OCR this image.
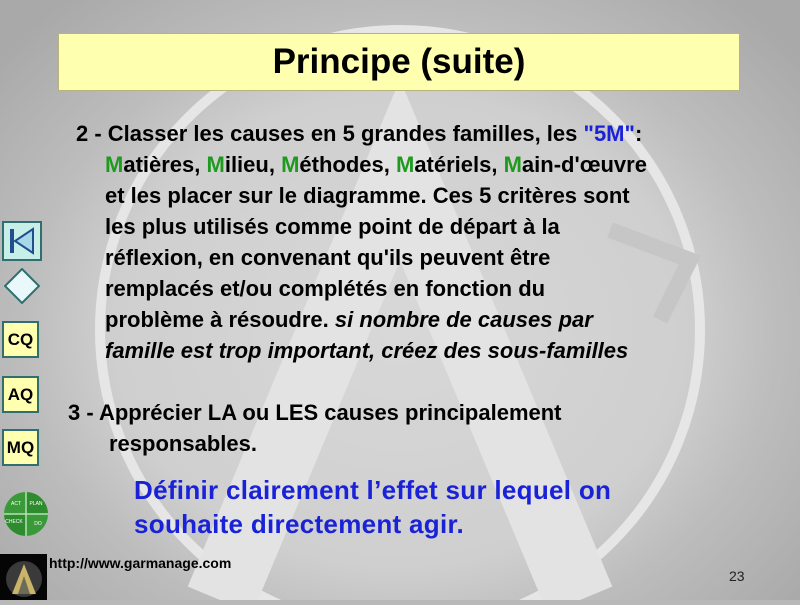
Principe (suite)
2 - Classer les causes en 5 grandes familles, les "5M":
Matières, Milieu, Méthodes, Matériels, Main-d'œuvre
et les placer sur le diagramme. Ces 5 critères sont
les plus utilisés comme point de départ à la
réflexion, en convenant qu'ils peuvent être
remplacés et/ou complétés en fonction du
problème à résoudre. si nombre de causes par
famille est trop important, créez des sous-familles
3 - Apprécier LA ou LES causes principalement
responsables.
Définir clairement l’effet sur lequel on
souhaite directement agir.
CQ
AQ
MQ
PLAN
DO
CHECK
ACT
http://www.garmanage.com
23
